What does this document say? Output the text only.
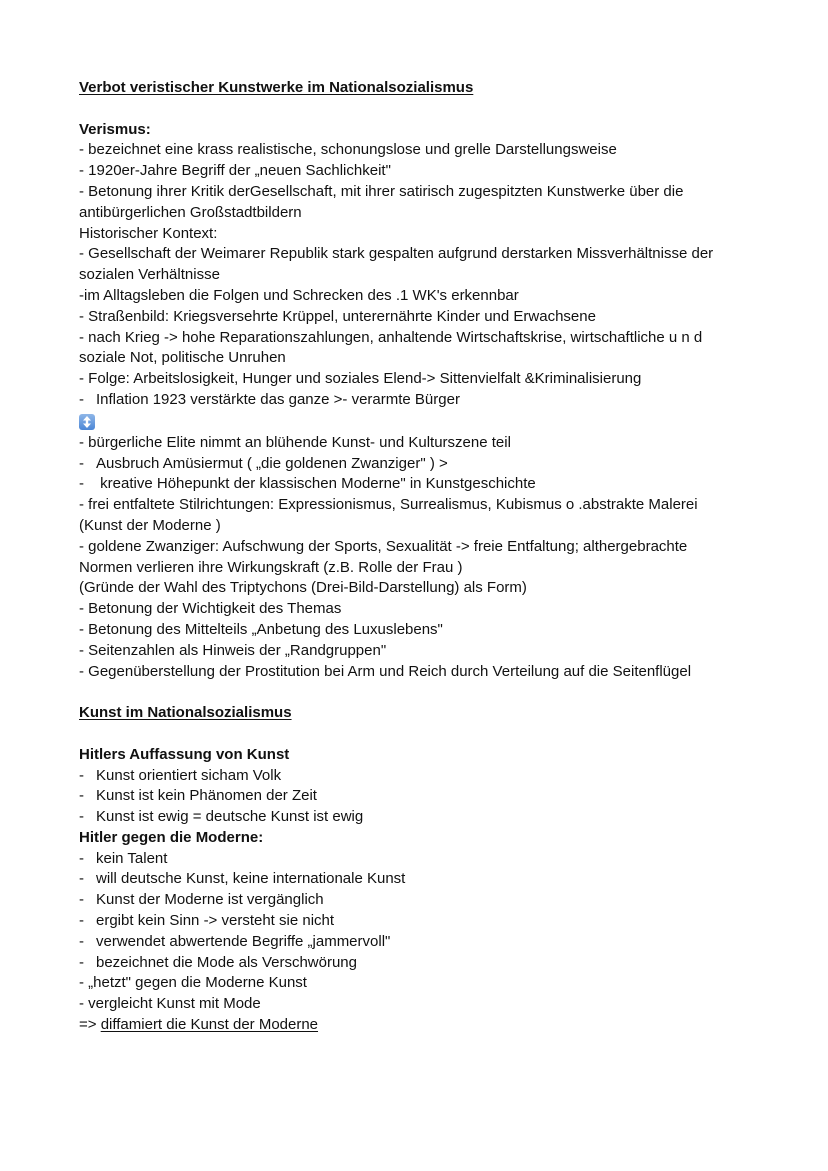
Verbot veristischer Kunstwerke im Nationalsozialismus
Verismus:
- bezeichnet eine krass realistische, schonungslose und grelle Darstellungsweise
- 1920er-Jahre Begriff der „neuen Sachlichkeit"
- Betonung ihrer Kritik derGesellschaft, mit ihrer satirisch zugespitzten Kunstwerke über die
antibürgerlichen Großstadtbildern
Historischer Kontext:
- Gesellschaft der Weimarer Republik stark gespalten aufgrund derstarken Missverhältnisse der
sozialen Verhältnisse
-im Alltagsleben die Folgen und Schrecken des .1 WK's erkennbar
- Straßenbild: Kriegsversehrte Krüppel, unterernährte Kinder und Erwachsene
- nach Krieg -> hohe Reparationszahlungen, anhaltende Wirtschaftskrise, wirtschaftliche u n d
soziale Not, politische Unruhen
- Folge: Arbeitslosigkeit, Hunger und soziales Elend-> Sittenvielfalt &Kriminalisierung
- Inflation 1923 verstärkte das ganze >- verarmte Bürger
- bürgerliche Elite nimmt an blühende Kunst- und Kulturszene teil
- Ausbruch Amüsiermut ( „die goldenen Zwanziger" ) >
- kreative Höhepunkt der klassischen Moderne" in Kunstgeschichte
- frei entfaltete Stilrichtungen: Expressionismus, Surrealismus, Kubismus o .abstrakte Malerei
(Kunst der Moderne )
- goldene Zwanziger: Aufschwung der Sports, Sexualität -> freie Entfaltung; althergebrachte
Normen verlieren ihre Wirkungskraft (z.B. Rolle der Frau )
(Gründe der Wahl des Triptychons (Drei-Bild-Darstellung) als Form)
- Betonung der Wichtigkeit des Themas
- Betonung des Mittelteils „Anbetung des Luxuslebens"
- Seitenzahlen als Hinweis der „Randgruppen"
- Gegenüberstellung der Prostitution bei Arm und Reich durch Verteilung auf die Seitenflügel
Kunst im Nationalsozialismus
Hitlers Auffassung von Kunst
- Kunst orientiert sicham Volk
- Kunst ist kein Phänomen der Zeit
- Kunst ist ewig = deutsche Kunst ist ewig
Hitler gegen die Moderne:
- kein Talent
- will deutsche Kunst, keine internationale Kunst
- Kunst der Moderne ist vergänglich
- ergibt kein Sinn -> versteht sie nicht
- verwendet abwertende Begriffe „jammervoll"
- bezeichnet die Mode als Verschwörung
- „hetzt" gegen die Moderne Kunst
- vergleicht Kunst mit Mode
=> diffamiert die Kunst der Moderne
